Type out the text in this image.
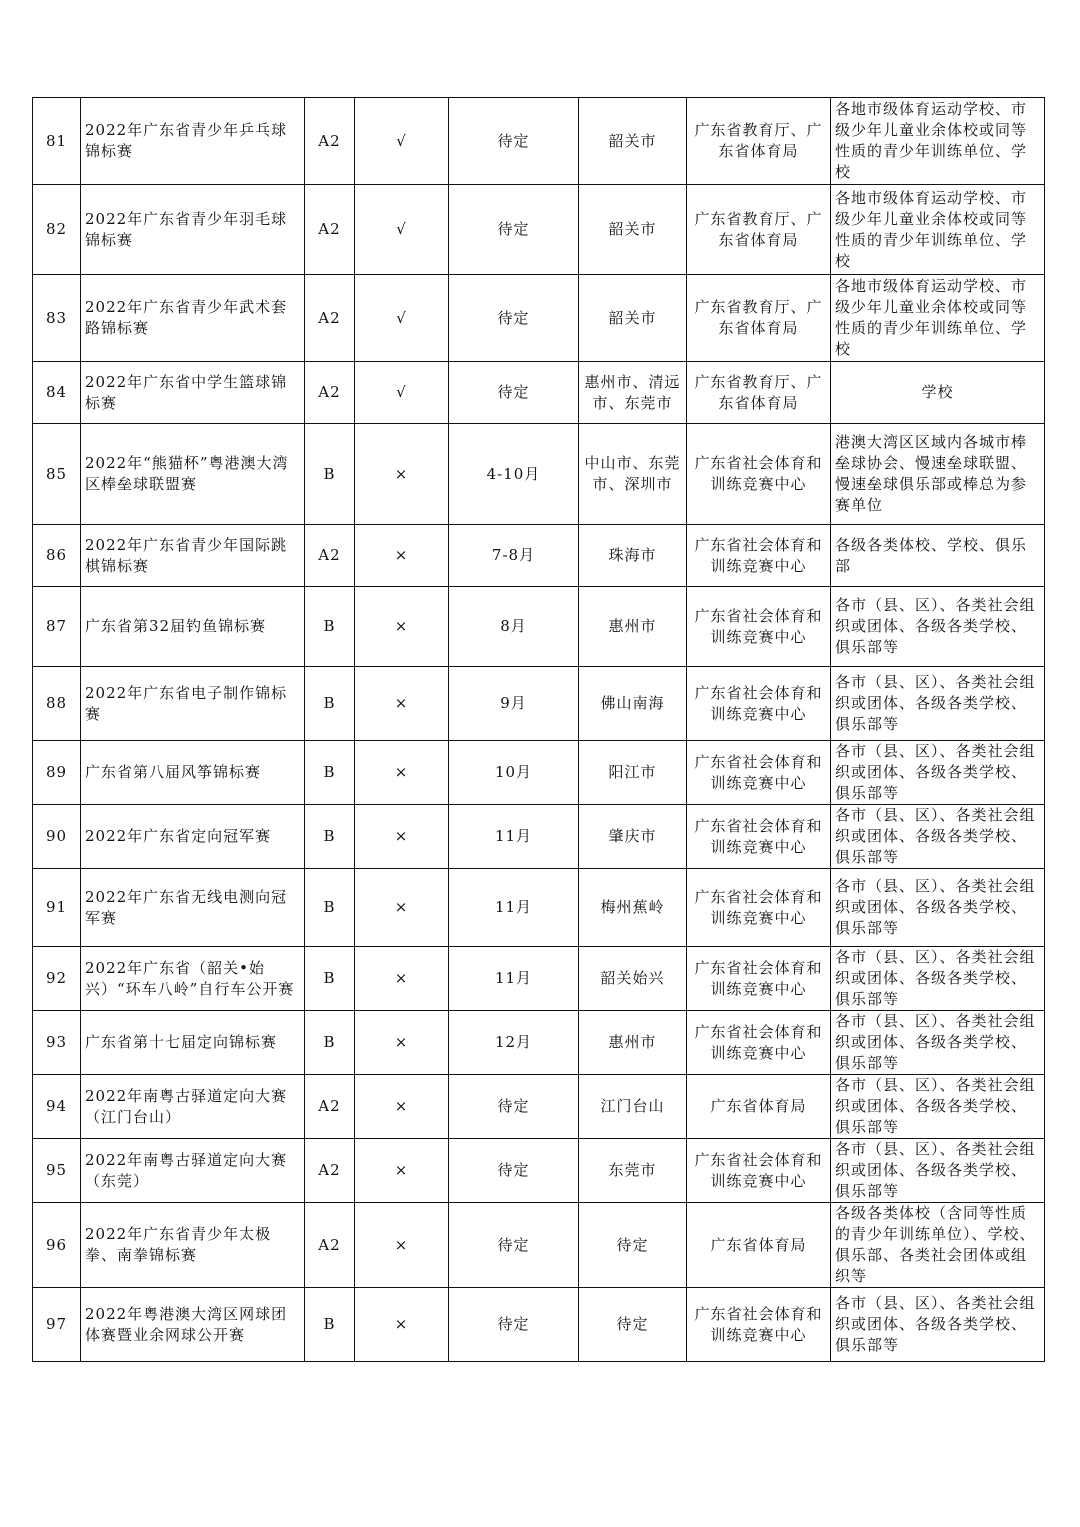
81	2022年广东省青少年乒乓球锦标赛	A2	√	待定	韶关市	广东省教育厅、广东省体育局	各地市级体育运动学校、市级少年儿童业余体校或同等性质的青少年训练单位、学校
82	2022年广东省青少年羽毛球锦标赛	A2	√	待定	韶关市	广东省教育厅、广东省体育局	各地市级体育运动学校、市级少年儿童业余体校或同等性质的青少年训练单位、学校
83	2022年广东省青少年武术套路锦标赛	A2	√	待定	韶关市	广东省教育厅、广东省体育局	各地市级体育运动学校、市级少年儿童业余体校或同等性质的青少年训练单位、学校
84	2022年广东省中学生篮球锦标赛	A2	√	待定	惠州市、清远市、东莞市	广东省教育厅、广东省体育局	学校
85	2022年“熊猫杯”粤港澳大湾区棒垒球联盟赛	B	×	4-10月	中山市、东莞市、深圳市	广东省社会体育和训练竞赛中心	港澳大湾区区域内各城市棒垒球协会、慢速垒球联盟、慢速垒球俱乐部或棒总为参赛单位
86	2022年广东省青少年国际跳棋锦标赛	A2	×	7-8月	珠海市	广东省社会体育和训练竞赛中心	各级各类体校、学校、俱乐部
87	广东省第32届钓鱼锦标赛	B	×	8月	惠州市	广东省社会体育和训练竞赛中心	各市（县、区）、各类社会组织或团体、各级各类学校、俱乐部等
88	2022年广东省电子制作锦标赛	B	×	9月	佛山南海	广东省社会体育和训练竞赛中心	各市（县、区）、各类社会组织或团体、各级各类学校、俱乐部等
89	广东省第八届风筝锦标赛	B	×	10月	阳江市	广东省社会体育和训练竞赛中心	各市（县、区）、各类社会组织或团体、各级各类学校、俱乐部等
90	2022年广东省定向冠军赛	B	×	11月	肇庆市	广东省社会体育和训练竞赛中心	各市（县、区）、各类社会组织或团体、各级各类学校、俱乐部等
91	2022年广东省无线电测向冠军赛	B	×	11月	梅州蕉岭	广东省社会体育和训练竞赛中心	各市（县、区）、各类社会组织或团体、各级各类学校、俱乐部等
92	2022年广东省（韶关•始兴）“环车八岭”自行车公开赛	B	×	11月	韶关始兴	广东省社会体育和训练竞赛中心	各市（县、区）、各类社会组织或团体、各级各类学校、俱乐部等
93	广东省第十七届定向锦标赛	B	×	12月	惠州市	广东省社会体育和训练竞赛中心	各市（县、区）、各类社会组织或团体、各级各类学校、俱乐部等
94	2022年南粤古驿道定向大赛（江门台山）	A2	×	待定	江门台山	广东省体育局	各市（县、区）、各类社会组织或团体、各级各类学校、俱乐部等
95	2022年南粤古驿道定向大赛（东莞）	A2	×	待定	东莞市	广东省社会体育和训练竞赛中心	各市（县、区）、各类社会组织或团体、各级各类学校、俱乐部等
96	2022年广东省青少年太极拳、南拳锦标赛	A2	×	待定	待定	广东省体育局	各级各类体校（含同等性质的青少年训练单位）、学校、俱乐部、各类社会团体或组织等
97	2022年粤港澳大湾区网球团体赛暨业余网球公开赛	B	×	待定	待定	广东省社会体育和训练竞赛中心	各市（县、区）、各类社会组织或团体、各级各类学校、俱乐部等
